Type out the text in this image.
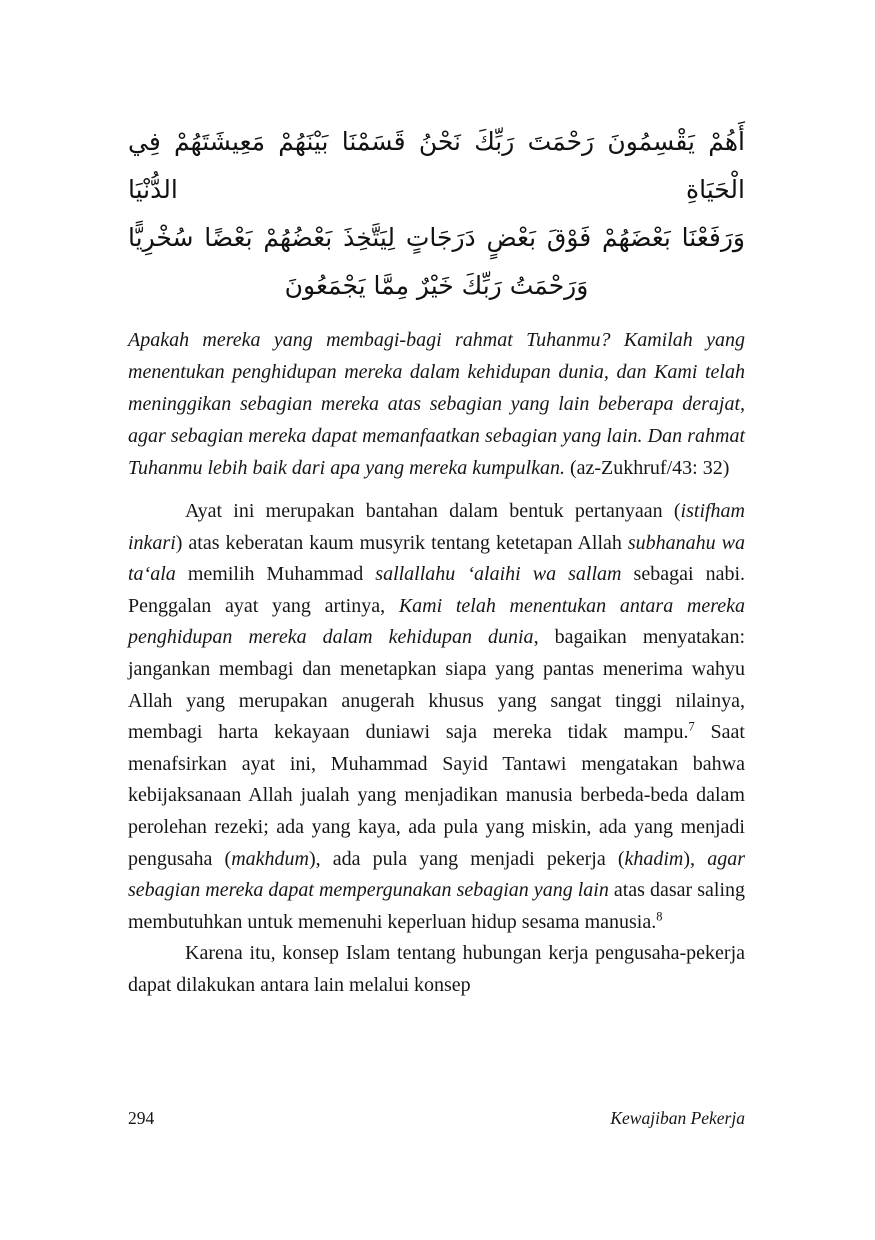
أَهُمْ يَقْسِمُونَ رَحْمَتَ رَبِّكَ نَحْنُ قَسَمْنَا بَيْنَهُمْ مَعِيشَتَهُمْ فِي الْحَيَاةِ الدُّنْيَا
وَرَفَعْنَا بَعْضَهُمْ فَوْقَ بَعْضٍ دَرَجَاتٍ لِيَتَّخِذَ بَعْضُهُمْ بَعْضًا سُخْرِيًّا
وَرَحْمَتُ رَبِّكَ خَيْرٌ مِمَّا يَجْمَعُونَ

Apakah mereka yang membagi-bagi rahmat Tuhanmu? Kamilah yang menentukan penghidupan mereka dalam kehidupan dunia, dan Kami telah meninggikan sebagian mereka atas sebagian yang lain beberapa derajat, agar sebagian mereka dapat memanfaatkan sebagian yang lain. Dan rahmat Tuhanmu lebih baik dari apa yang mereka kumpulkan. (az-Zukhruf/43: 32)

Ayat ini merupakan bantahan dalam bentuk pertanyaan (istifham inkari) atas keberatan kaum musyrik tentang ketetapan Allah subhanahu wa ta‘ala memilih Muhammad sallallahu ‘alaihi wa sallam sebagai nabi. Penggalan ayat yang artinya, Kami telah menentukan antara mereka penghidupan mereka dalam kehidupan dunia, bagaikan menyatakan: jangankan membagi dan menetapkan siapa yang pantas menerima wahyu Allah yang merupakan anugerah khusus yang sangat tinggi nilainya, membagi harta kekayaan duniawi saja mereka tidak mampu.$^7$ Saat menafsirkan ayat ini, Muhammad Sayid Tantawi mengatakan bahwa kebijaksanaan Allah jualah yang menjadikan manusia berbeda-beda dalam perolehan rezeki; ada yang kaya, ada pula yang miskin, ada yang menjadi pengusaha (makhdum), ada pula yang menjadi pekerja (khadim), agar sebagian mereka dapat mempergunakan sebagian yang lain atas dasar saling membutuhkan untuk memenuhi keperluan hidup sesama manusia.$^8$

Karena itu, konsep Islam tentang hubungan kerja pengusaha-pekerja dapat dilakukan antara lain melalui konsep

294	Kewajiban Pekerja
